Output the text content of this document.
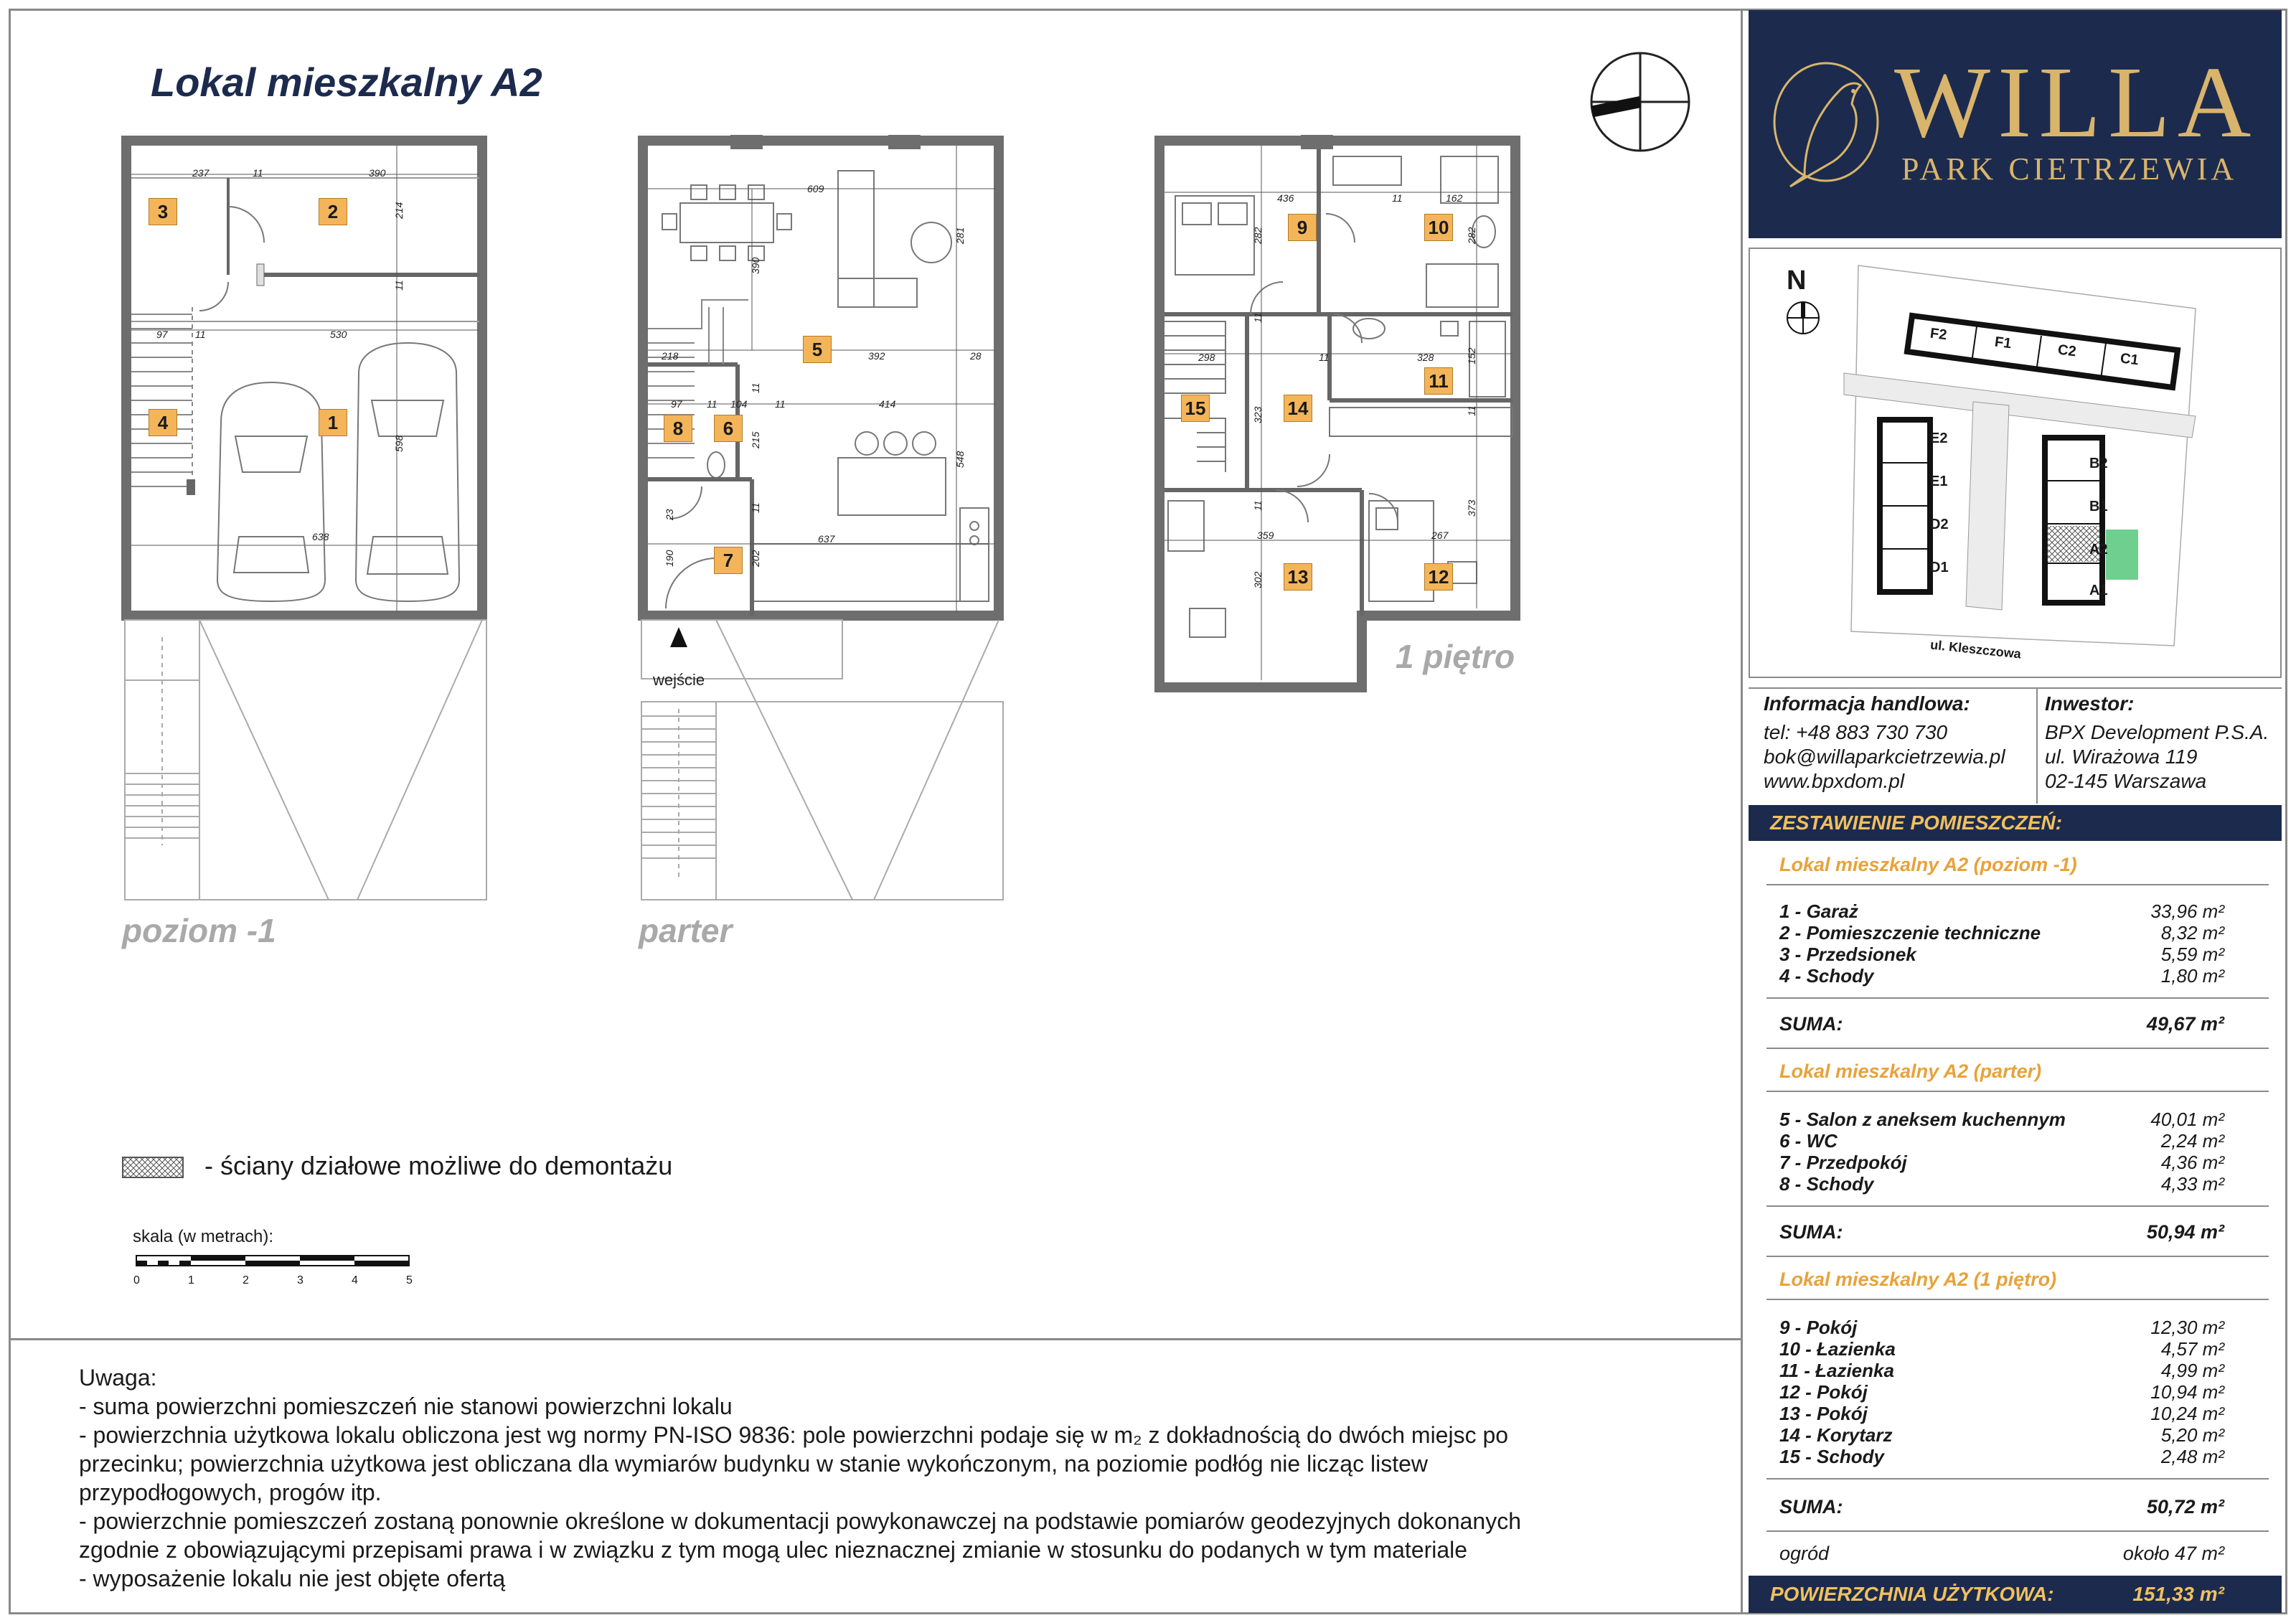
Lokal mieszkalny A2
3	2
4	1
237	11	390
214
11
97	11	530
598
638
poziom -1
5
8	6
7
609
281
390
218	392	28
97 11 104	11	414
11
215
548
11
23
637
190	202
wejście
parter
9	10
15	14
11
13	12
436	11	162
282	282
11
298	11	328	152
323	11
11
359	267
373
302
1 piętro
- ściany działowe możliwe do demontażu
skala (w metrach):
0	1	2	3	4	5
Uwaga:
- suma powierzchni pomieszczeń nie stanowi powierzchni lokalu
- powierzchnia użytkowa lokalu obliczona jest wg normy PN-ISO 9836: pole powierzchni podaje się w m₂ z dokładnością do dwóch miejsc po
przecinku; powierzchnia użytkowa jest obliczana dla wymiarów budynku w stanie wykończonym, na poziomie podłóg nie licząc listew
przypodłogowych, progów itp.
- powierzchnie pomieszczeń zostaną ponownie określone w dokumentacji powykonawczej na podstawie pomiarów geodezyjnych dokonanych
zgodnie z obowiązującymi przepisami prawa i w związku z tym mogą ulec nieznacznej zmianie w stosunku do podanych w tym materiale
- wyposażenie lokalu nie jest objęte ofertą
WILLA
PARK CIETRZEWIA
N
F2	F1	C2	C1
E2
E1
D2
D1
B2
B1
A2
A1
ul. Kleszczowa
Informacja handlowa:
tel: +48 883 730 730
bok@willaparkcietrzewia.pl
www.bpxdom.pl
Inwestor:
BPX Development P.S.A.
ul. Wirażowa 119
02-145 Warszawa
ZESTAWIENIE POMIESZCZEŃ:
Lokal mieszkalny A2 (poziom -1)
1 - Garaż	33,96 m²
2 - Pomieszczenie techniczne	8,32 m²
3 - Przedsionek	5,59 m²
4 - Schody	1,80 m²
SUMA:	49,67 m²
Lokal mieszkalny A2 (parter)
5 - Salon z aneksem kuchennym	40,01 m²
6 - WC	2,24 m²
7 - Przedpokój	4,36 m²
8 - Schody	4,33 m²
SUMA:	50,94 m²
Lokal mieszkalny A2 (1 piętro)
9 - Pokój	12,30 m²
10 - Łazienka	4,57 m²
11 - Łazienka	4,99 m²
12 - Pokój	10,94 m²
13 - Pokój	10,24 m²
14 - Korytarz	5,20 m²
15 - Schody	2,48 m²
SUMA:	50,72 m²
ogród	około 47 m²
POWIERZCHNIA UŻYTKOWA:	151,33 m²
